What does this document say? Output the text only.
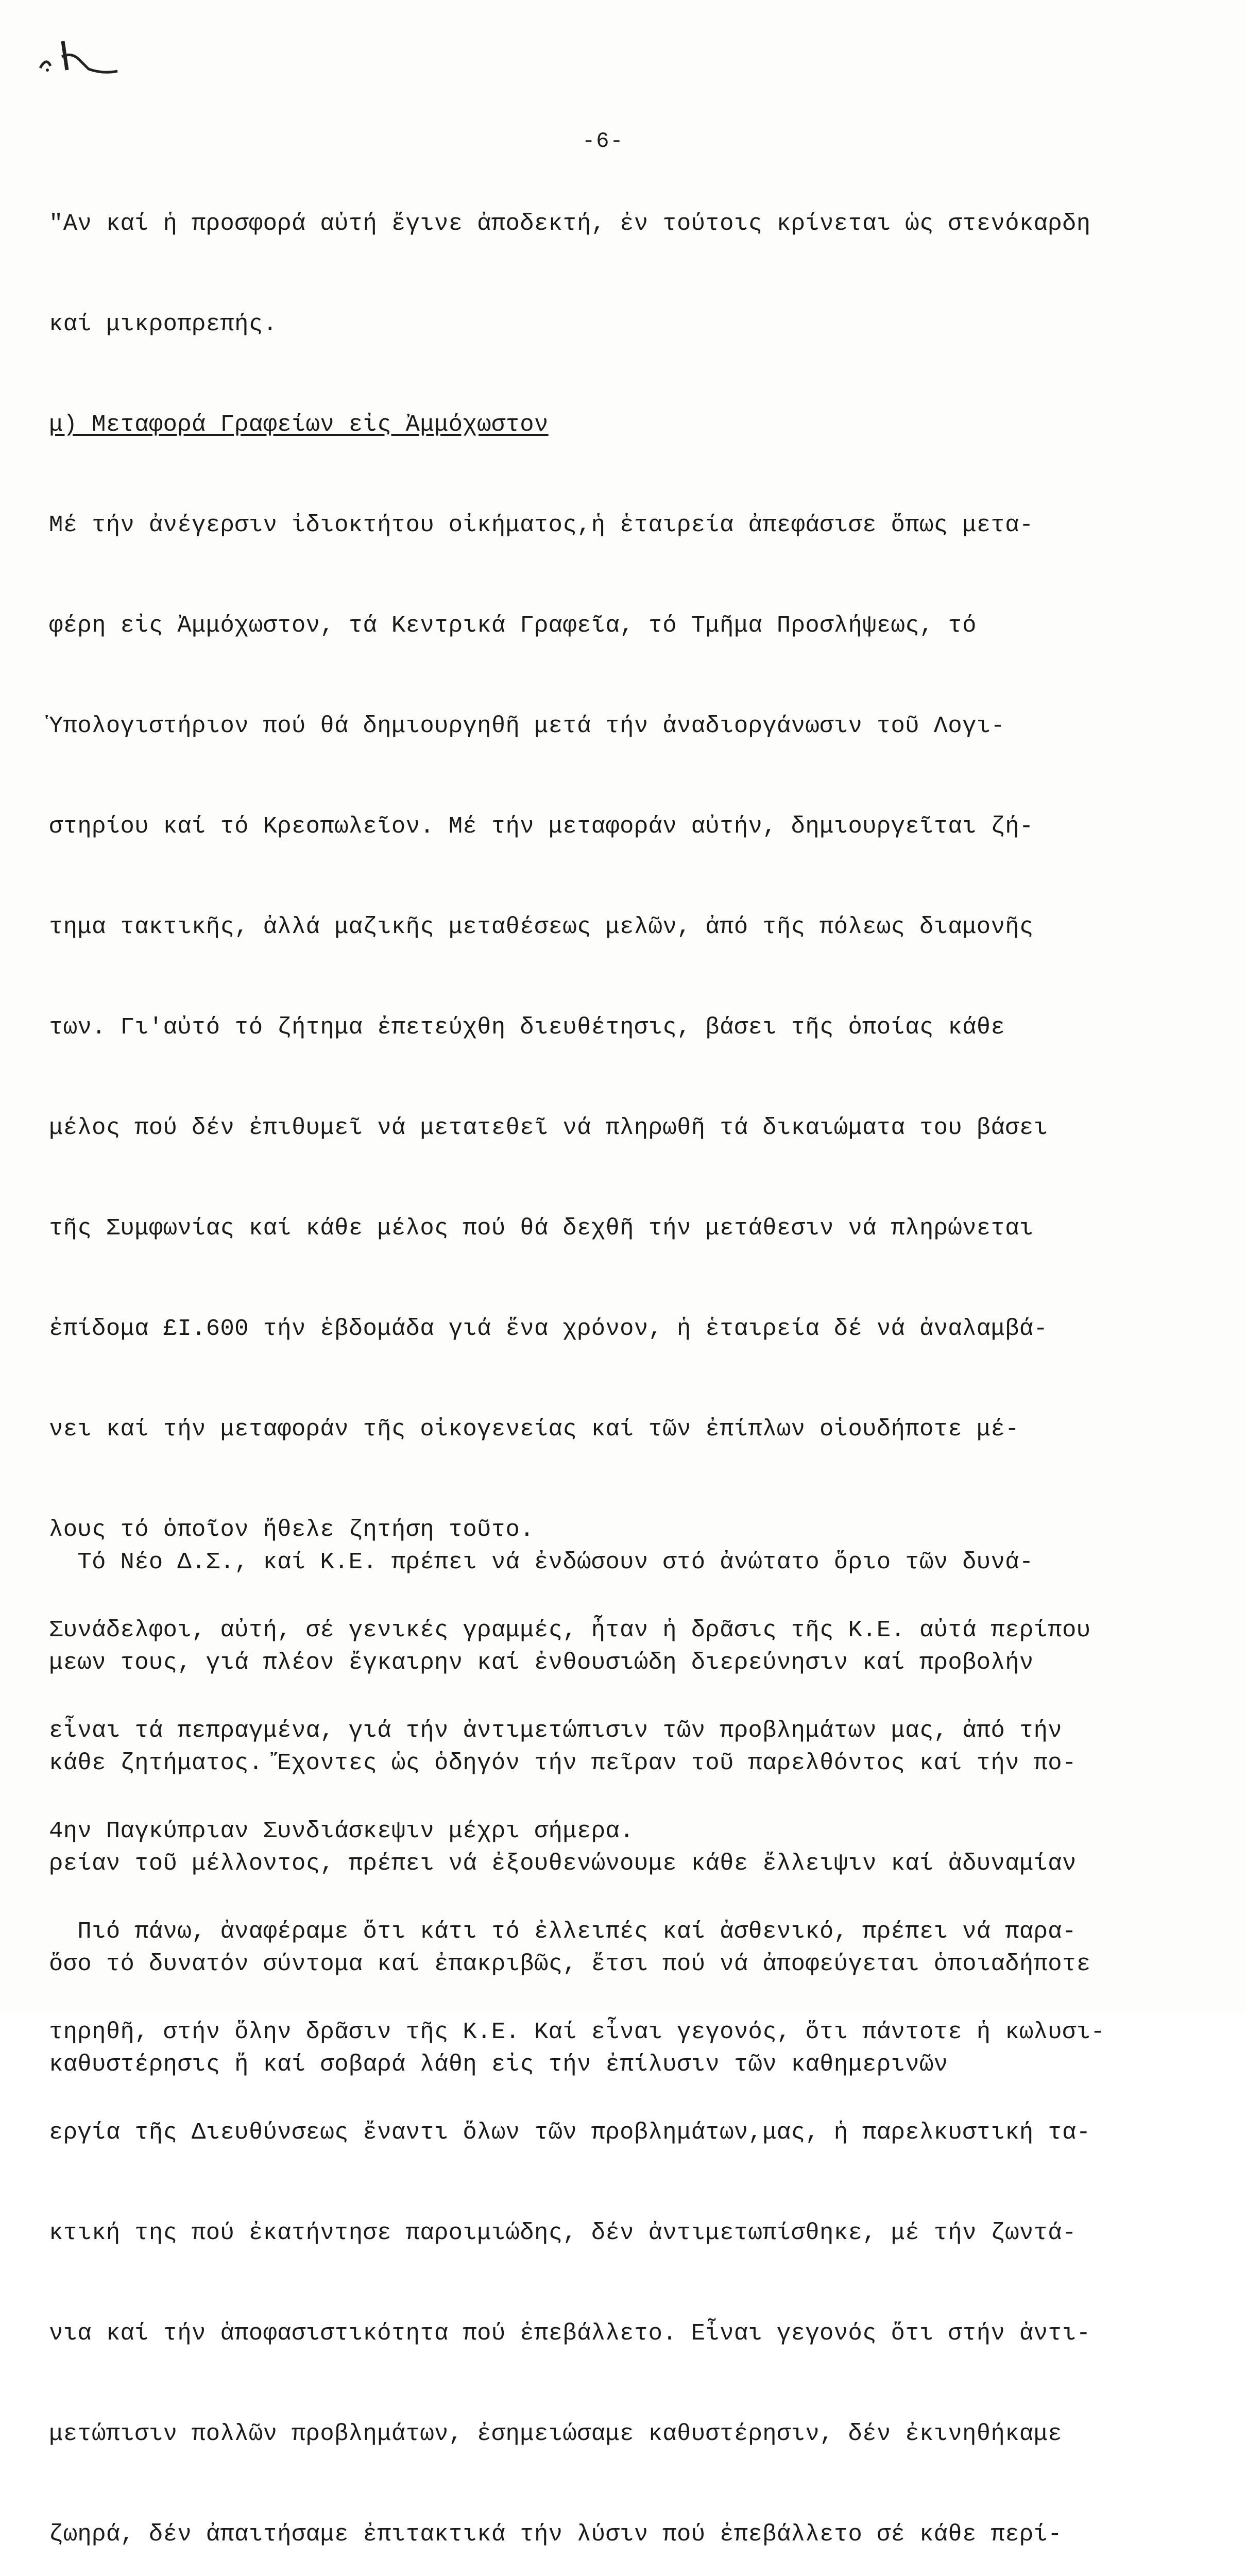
-6-

"Αν καί ἡ προσφορά αὐτή ἔγινε ἀποδεκτή, ἐν τούτοις κρίνεται ὡς στενόκαρδη

καί μικροπρεπής.

μ) Μεταφορά Γραφείων εἰς Ἀμμόχωστον

Μέ τήν ἀνέγερσιν ἰδιοκτήτου οἰκήματος,ἡ ἑταιρεία ἀπεφάσισε ὅπως μετα-

φέρη εἰς Ἀμμόχωστον, τά Κεντρικά Γραφεῖα, τό Τμῆμα Προσλήψεως, τό

Ὑπολογιστήριον πού θά δημιουργηθῆ μετά τήν ἀναδιοργάνωσιν τοῦ Λογι-

στηρίου καί τό Κρεοπωλεῖον. Μέ τήν μεταφοράν αὐτήν, δημιουργεῖται ζή-

τημα τακτικῆς, ἀλλά μαζικῆς μεταθέσεως μελῶν, ἀπό τῆς πόλεως διαμονῆς

των. Γι'αὐτό τό ζήτημα ἐπετεύχθη διευθέτησις, βάσει τῆς ὁποίας κάθε

μέλος πού δέν ἐπιθυμεῖ νά μετατεθεῖ νά πληρωθῆ τά δικαιώματα του βάσει

τῆς Συμφωνίας καί κάθε μέλος πού θά δεχθῆ τήν μετάθεσιν νά πληρώνεται

ἐπίδομα £Ι.600 τήν ἑβδομάδα γιά ἕνα χρόνον, ἡ ἑταιρεία δέ νά ἀναλαμβά-

νει καί τήν μεταφοράν τῆς οἰκογενείας καί τῶν ἐπίπλων οἱουδήποτε μέ-

λους τό ὁποῖον ἤθελε ζητήση τοῦτο.

Συνάδελφοι, αὐτή, σέ γενικές γραμμές, ἦταν ἡ δρᾶσις τῆς Κ.Ε. αὐτά περίπου

εἶναι τά πεπραγμένα, γιά τήν ἀντιμετώπισιν τῶν προβλημάτων μας, ἀπό τήν

4ην Παγκύπριαν Συνδιάσκεψιν μέχρι σήμερα.

Πιό πάνω, ἀναφέραμε ὅτι κάτι τό ἐλλειπές καί ἀσθενικό, πρέπει νά παρα-

τηρηθῆ, στήν ὅλην δρᾶσιν τῆς Κ.Ε. Καί εἶναι γεγονός, ὅτι πάντοτε ἡ κωλυσι-

εργία τῆς Διευθύνσεως ἔναντι ὅλων τῶν προβλημάτων,μας, ἡ παρελκυστική τα-

κτική της πού ἐκατήντησε παροιμιώδης, δέν ἀντιμετωπίσθηκε, μέ τήν ζωντά-

νια καί τήν ἀποφασιστικότητα πού ἐπεβάλλετο. Εἶναι γεγονός ὅτι στήν ἀντι-

μετώπισιν πολλῶν προβλημάτων, ἐσημειώσαμε καθυστέρησιν, δέν ἐκινηθήκαμε

ζωηρά, δέν ἀπαιτήσαμε ἐπιτακτικά τήν λύσιν πού ἐπεβάλλετο σέ κάθε περί-

Τό Νέο Δ.Σ., καί Κ.Ε. πρέπει νά ἐνδώσουν στό ἀνώτατο ὅριο τῶν δυνά-

μεων τους, γιά πλέον ἔγκαιρην καί ἐνθουσιώδη διερεύνησιν καί προβολήν

κάθε ζητήματος. Ἔχοντες ὡς ὁδηγόν τήν πεῖραν τοῦ παρελθόντος καί τήν πο-

ρείαν τοῦ μέλλοντος, πρέπει νά ἐξουθενώνουμε κάθε ἔλλειψιν καί ἀδυναμίαν

ὅσο τό δυνατόν σύντομα καί ἐπακριβῶς, ἔτσι πού νά ἀποφεύγεται ὁποιαδήποτε

καθυστέρησις ἤ καί σοβαρά λάθη εἰς τήν ἐπίλυσιν τῶν καθημερινῶν
